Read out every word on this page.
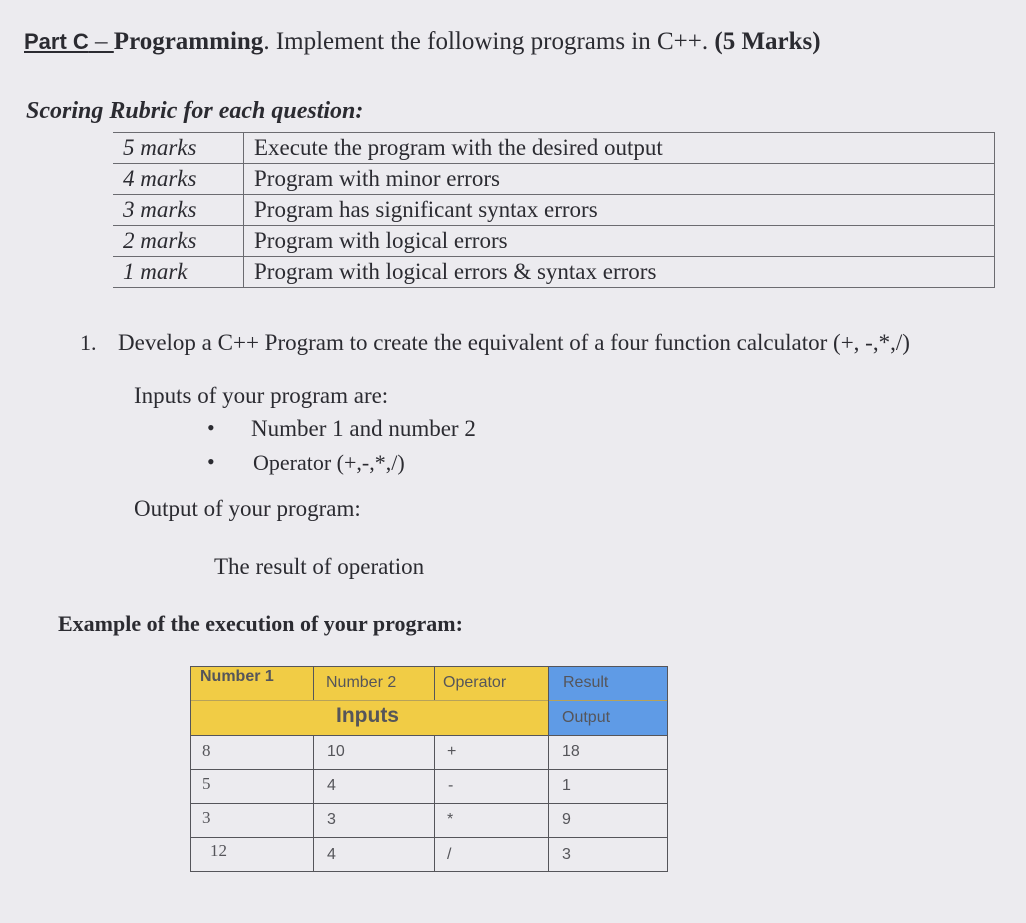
Part C – Programming. Implement the following programs in C++. (5 Marks)
Scoring Rubric for each question:
5 marks	Execute the program with the desired output
4 marks	Program with minor errors
3 marks	Program has significant syntax errors
2 marks	Program with logical errors
1 mark	Program with logical errors & syntax errors
1. Develop a C++ Program to create the equivalent of a four function calculator (+, -,*,/)
Inputs of your program are:
• Number 1 and number 2
• Operator (+,-,*,/)
Output of your program:
The result of operation
Example of the execution of your program:
Number 1	Number 2	Operator	Result
Inputs	Output
8	10	+	18
5	4	-	1
3	3	*	9
12	4	/	3
